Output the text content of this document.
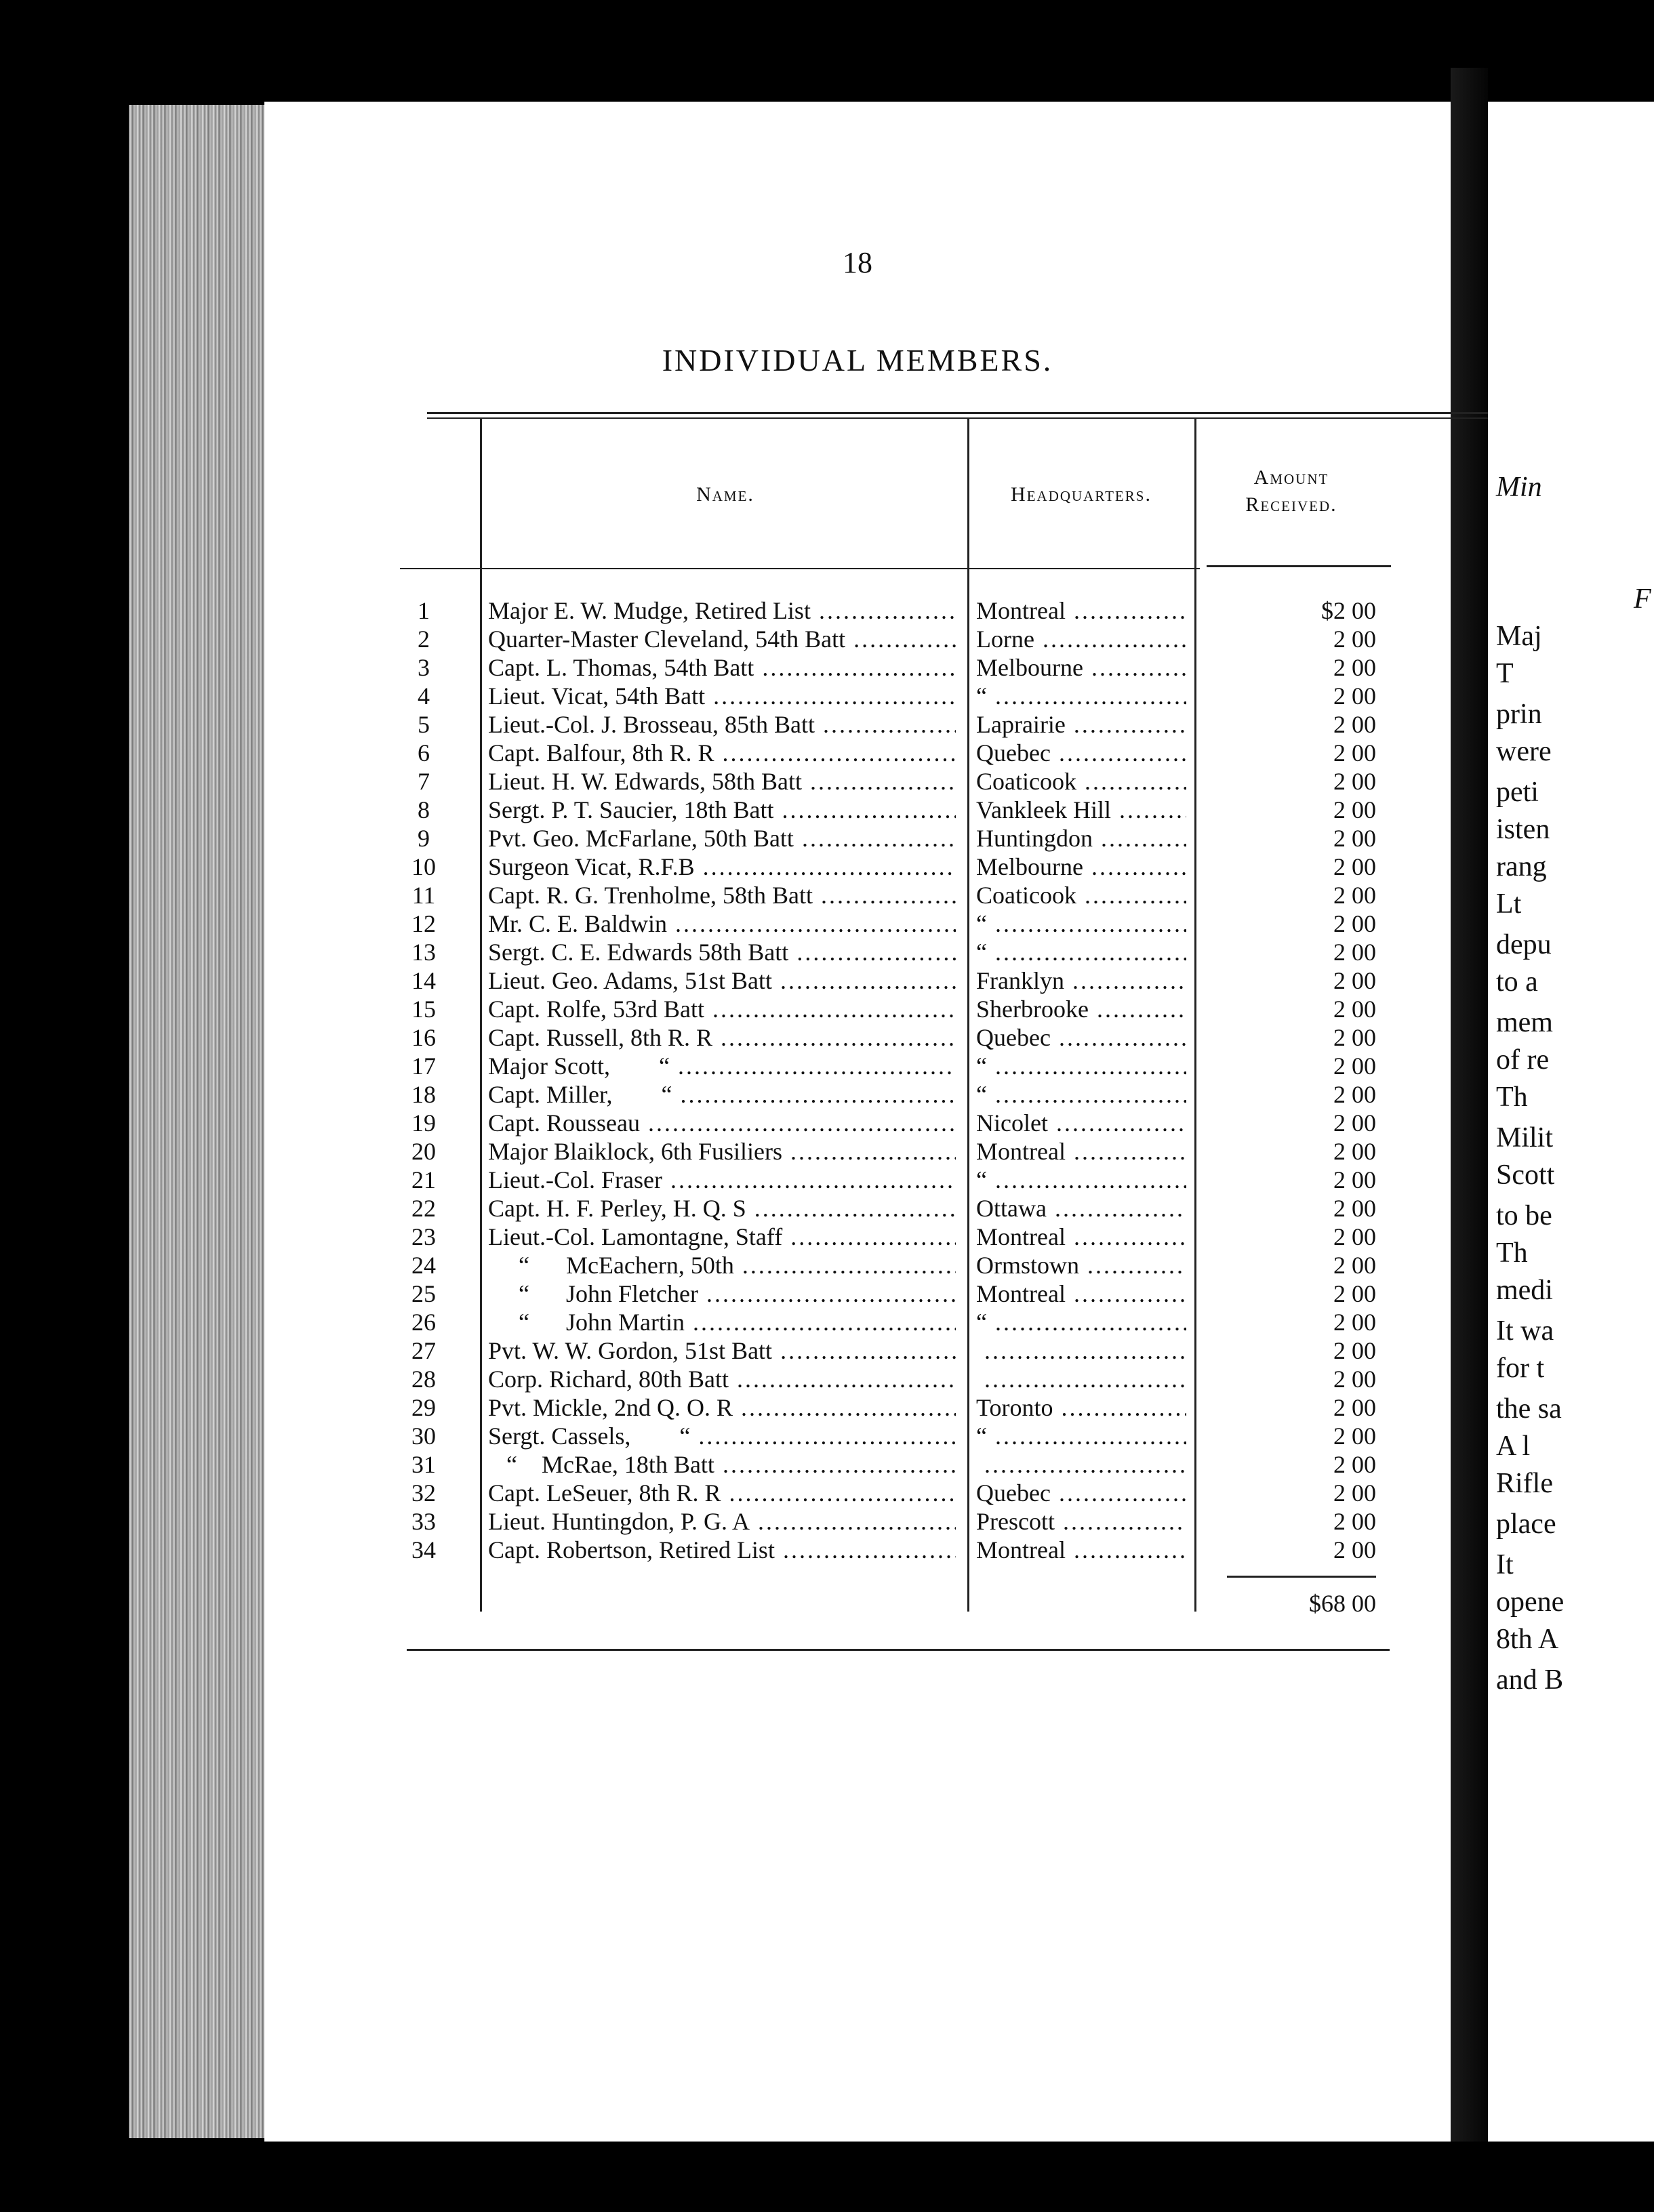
18
INDIVIDUAL MEMBERS.
Name.	Headquarters.
Amount
Received.
1	Major E. W. Mudge, Retired List .....	Montreal .....	$2 00
2	Quarter-Master Cleveland, 54th Batt .....	Lorne .....	2 00
3	Capt. L. Thomas, 54th Batt .....	Melbourne .....	2 00
4	Lieut. Vicat, 54th Batt .....	“ .....	2 00
5	Lieut.-Col. J. Brosseau, 85th Batt .....	Laprairie .....	2 00
6	Capt. Balfour, 8th R. R .....	Quebec .....	2 00
7	Lieut. H. W. Edwards, 58th Batt .....	Coaticook .....	2 00
8	Sergt. P. T. Saucier, 18th Batt .....	Vankleek Hill .....	2 00
9	Pvt. Geo. McFarlane, 50th Batt .....	Huntingdon .....	2 00
10	Surgeon Vicat, R.F.B .....	Melbourne .....	2 00
11	Capt. R. G. Trenholme, 58th Batt .....	Coaticook .....	2 00
12	Mr. C. E. Baldwin .....	“ .....	2 00
13	Sergt. C. E. Edwards 58th Batt .....	“ .....	2 00
14	Lieut. Geo. Adams, 51st Batt .....	Franklyn .....	2 00
15	Capt. Rolfe, 53rd Batt .....	Sherbrooke .....	2 00
16	Capt. Russell, 8th R. R .....	Quebec .....	2 00
17	Major Scott,        “ .....	“ .....	2 00
18	Capt. Miller,        “ .....	“ .....	2 00
19	Capt. Rousseau .....	Nicolet .....	2 00
20	Major Blaiklock, 6th Fusiliers .....	Montreal .....	2 00
21	Lieut.-Col. Fraser .....	“ .....	2 00
22	Capt. H. F. Perley, H. Q. S .....	Ottawa .....	2 00
23	Lieut.-Col. Lamontagne, Staff .....	Montreal .....	2 00
24	“      McEachern, 50th .....	Ormstown .....	2 00
25	“      John Fletcher .....	Montreal .....	2 00
26	“      John Martin .....	“ .....	2 00
27	Pvt. W. W. Gordon, 51st Batt ..... .....	2 00
28	Corp. Richard, 80th Batt ..... .....	2 00
29	Pvt. Mickle, 2nd Q. O. R .....	Toronto .....	2 00
30	Sergt. Cassels,        “ .....	“ .....	2 00
31	“    McRae, 18th Batt ..... .....	2 00
32	Capt. LeSeuer, 8th R. R .....	Quebec .....	2 00
33	Lieut. Huntingdon, P. G. A .....	Prescott .....	2 00
34	Capt. Robertson, Retired List .....	Montreal .....	2 00
$68 00
Min
F
Maj
T
prin
were
peti
isten
rang
Lt
depu
to a
mem
of re
Th
Milit
Scott
to be
Th
medi
It wa
for t
the sa
A l
Rifle
place
It
opene
8th A
and B
